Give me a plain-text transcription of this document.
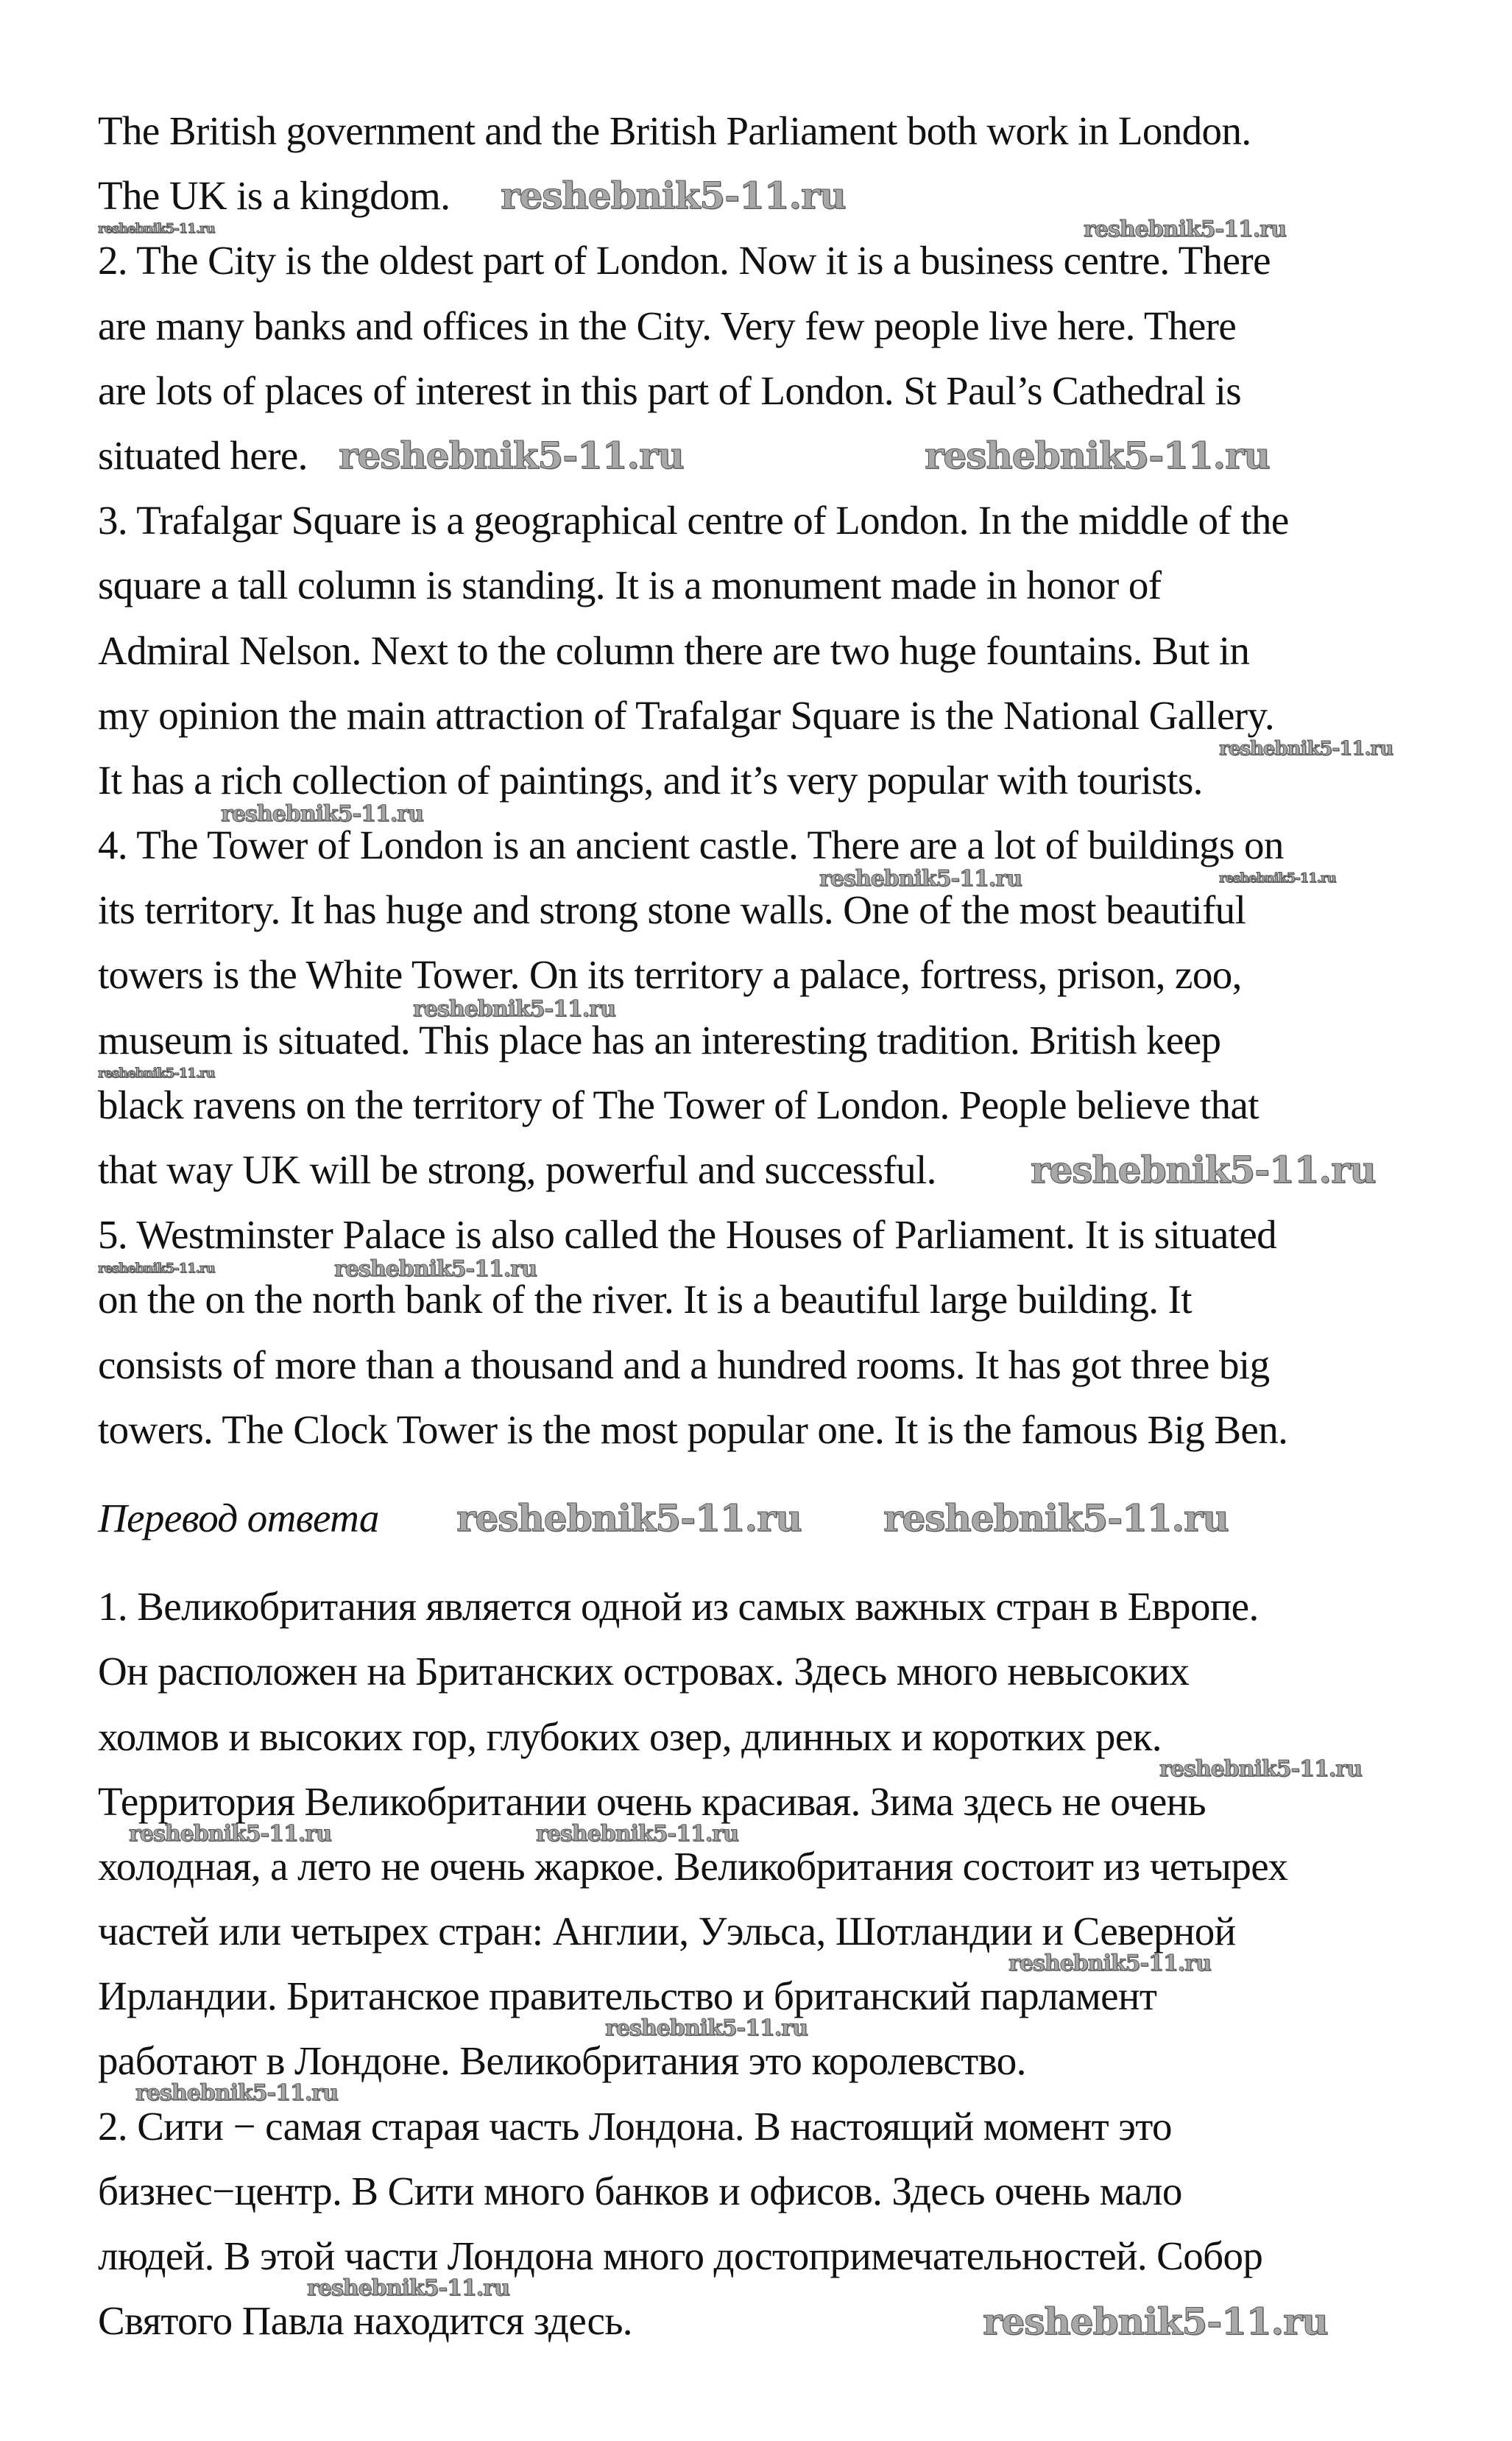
The British government and the British Parliament both work in London.
The UK is a kingdom.
2. The City is the oldest part of London. Now it is a business centre. There
are many banks and offices in the City. Very few people live here. There
are lots of places of interest in this part of London. St Paul’s Cathedral is
situated here.
3. Trafalgar Square is a geographical centre of London. In the middle of the
square a tall column is standing. It is a monument made in honor of
Admiral Nelson. Next to the column there are two huge fountains. But in
my opinion the main attraction of Trafalgar Square is the National Gallery.
It has a rich collection of paintings, and it’s very popular with tourists.
4. The Tower of London is an ancient castle. There are a lot of buildings on
its territory. It has huge and strong stone walls. One of the most beautiful
towers is the White Tower. On its territory a palace, fortress, prison, zoo,
museum is situated. This place has an interesting tradition. British keep
black ravens on the territory of The Tower of London. People believe that
that way UK will be strong, powerful and successful.
5. Westminster Palace is also called the Houses of Parliament. It is situated
on the on the north bank of the river. It is a beautiful large building. It
consists of more than a thousand and a hundred rooms. It has got three big
towers. The Clock Tower is the most popular one. It is the famous Big Ben.
Перевод ответа
1. Великобритания является одной из самых важных стран в Европе.
Он расположен на Британских островах. Здесь много невысоких
холмов и высоких гор, глубоких озер, длинных и коротких рек.
Территория Великобритании очень красивая. Зима здесь не очень
холодная, а лето не очень жаркое. Великобритания состоит из четырех
частей или четырех стран: Англии, Уэльса, Шотландии и Северной
Ирландии. Британское правительство и британский парламент
работают в Лондоне. Великобритания это королевство.
2. Сити − самая старая часть Лондона. В настоящий момент это
бизнес−центр. В Сити много банков и офисов. Здесь очень мало
людей. В этой части Лондона много достопримечательностей. Собор
Святого Павла находится здесь.
reshebnik5-11.ru
reshebnik5-11.ru
reshebnik5-11.ru
reshebnik5-11.ru	reshebnik5-11.ru
reshebnik5-11.ru
reshebnik5-11.ru
reshebnik5-11.ru	reshebnik5-11.ru
reshebnik5-11.ru
reshebnik5-11.ru
reshebnik5-11.ru
reshebnik5-11.ru	reshebnik5-11.ru
reshebnik5-11.ru
reshebnik5-11.ru
reshebnik5-11.ru
reshebnik5-11.ru	reshebnik5-11.ru
reshebnik5-11.ru
reshebnik5-11.ru
reshebnik5-11.ru
reshebnik5-11.ru
reshebnik5-11.ru
